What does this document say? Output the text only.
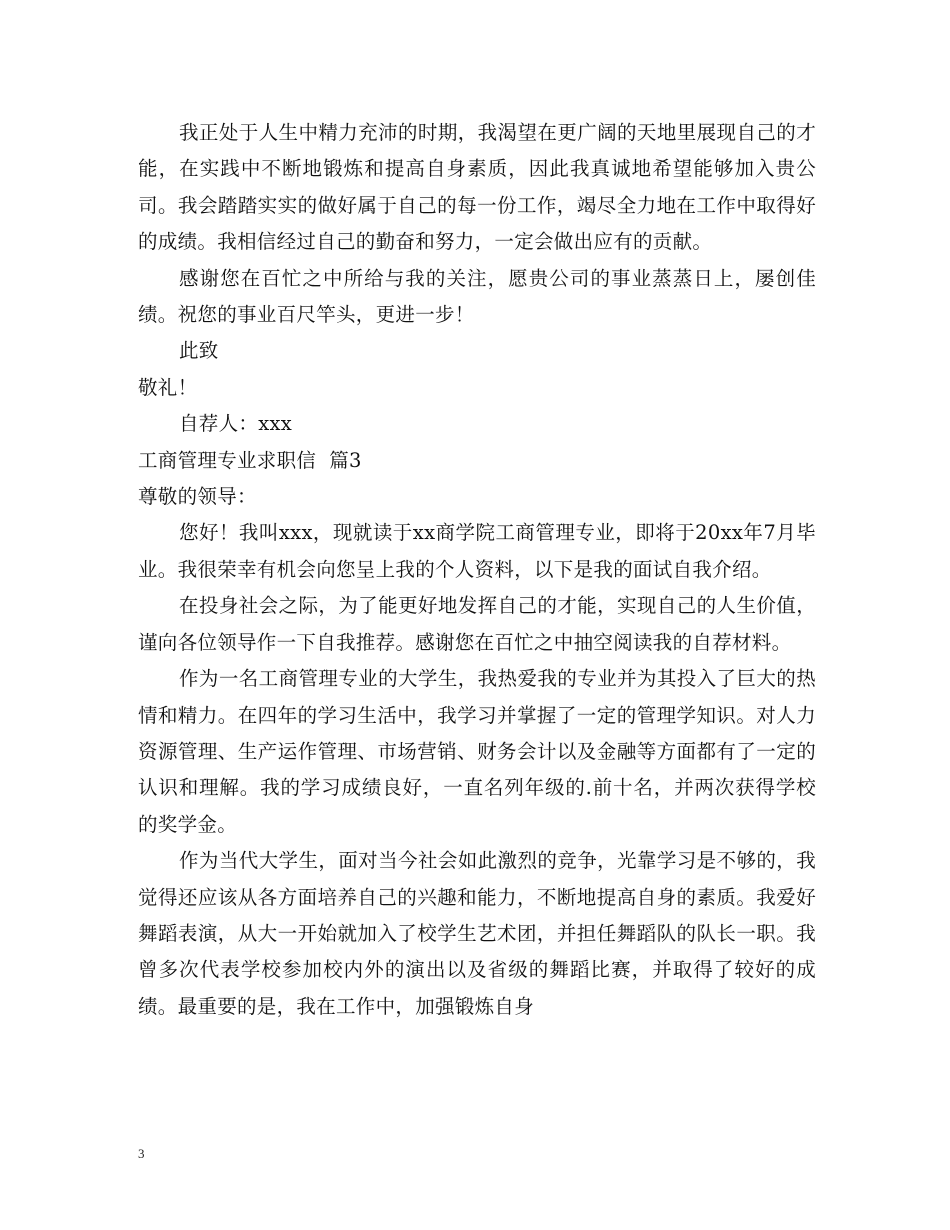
我正处于人生中精力充沛的时期，我渴望在更广阔的天地里展现自己的才能，在实践中不断地锻炼和提高自身素质，因此我真诚地希望能够加入贵公司。我会踏踏实实的做好属于自己的每一份工作，竭尽全力地在工作中取得好的成绩。我相信经过自己的勤奋和努力，一定会做出应有的贡献。

感谢您在百忙之中所给与我的关注，愿贵公司的事业蒸蒸日上，屡创佳绩。祝您的事业百尺竿头，更进一步！

此致

敬礼！

自荐人：xxx

工商管理专业求职信  篇3

尊敬的领导：

您好！我叫xxx，现就读于xx商学院工商管理专业，即将于20xx年7月毕业。我很荣幸有机会向您呈上我的个人资料，以下是我的面试自我介绍。

在投身社会之际，为了能更好地发挥自己的才能，实现自己的人生价值，谨向各位领导作一下自我推荐。感谢您在百忙之中抽空阅读我的自荐材料。

作为一名工商管理专业的大学生，我热爱我的专业并为其投入了巨大的热情和精力。在四年的学习生活中，我学习并掌握了一定的管理学知识。对人力资源管理、生产运作管理、市场营销、财务会计以及金融等方面都有了一定的认识和理解。我的学习成绩良好，一直名列年级的.前十名，并两次获得学校的奖学金。

作为当代大学生，面对当今社会如此激烈的竞争，光靠学习是不够的，我觉得还应该从各方面培养自己的兴趣和能力，不断地提高自身的素质。我爱好舞蹈表演，从大一开始就加入了校学生艺术团，并担任舞蹈队的队长一职。我曾多次代表学校参加校内外的演出以及省级的舞蹈比赛，并取得了较好的成绩。最重要的是，我在工作中，加强锻炼自身

3
